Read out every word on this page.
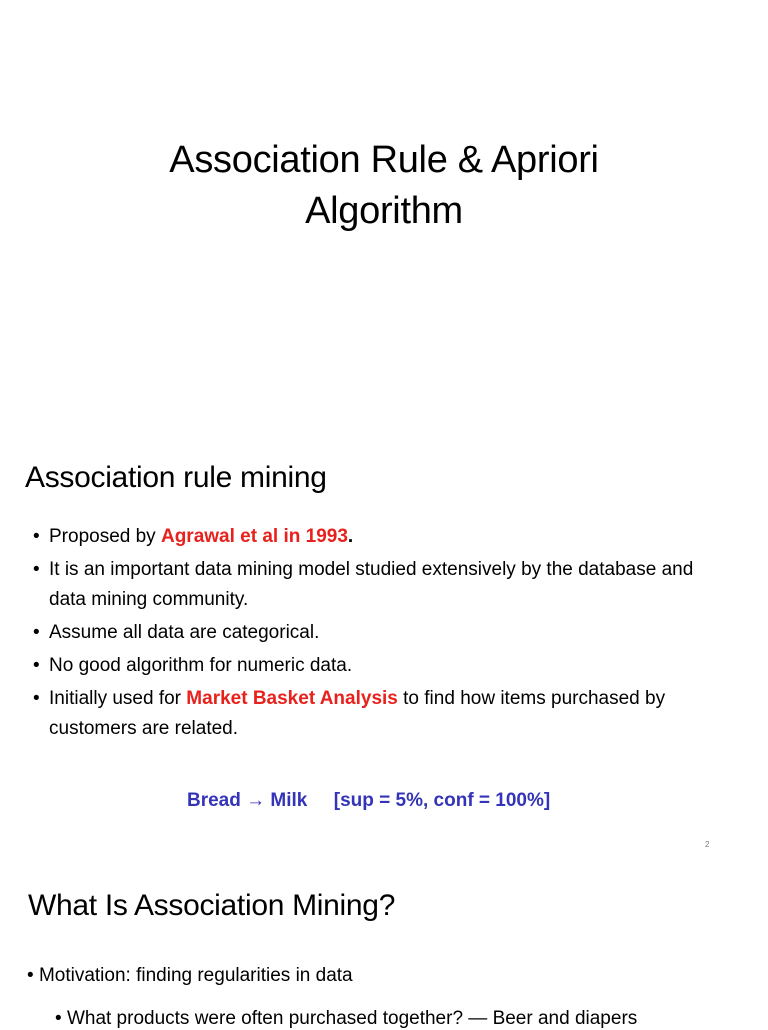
Association Rule & Apriori
Algorithm
Association rule mining
• Proposed by Agrawal et al in 1993.
• It is an important data mining model studied extensively by the database and data mining community.
• Assume all data are categorical.
• No good algorithm for numeric data.
• Initially used for Market Basket Analysis to find how items purchased by customers are related.
Bread → Milk     [sup = 5%, conf = 100%]
2
What Is Association Mining?
• Motivation: finding regularities in data
• What products were often purchased together? — Beer and diapers
